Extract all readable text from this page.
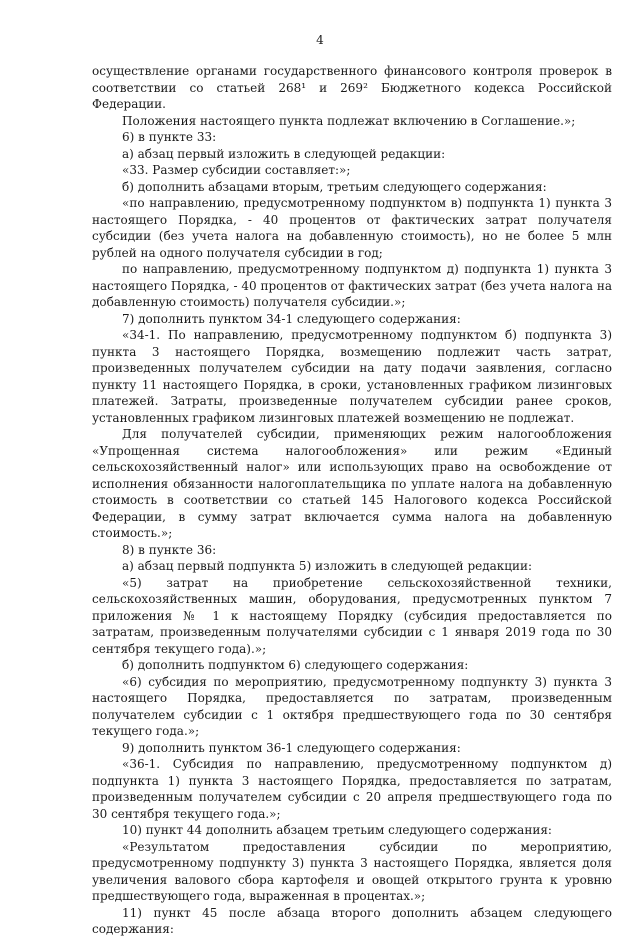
4

осуществление органами государственного финансового контроля проверок в соответствии со статьей 268¹ и 269² Бюджетного кодекса Российской Федерации.

Положения настоящего пункта подлежат включению в Соглашение.»;

6) в пункте 33:

а) абзац первый изложить в следующей редакции:

«33. Размер субсидии составляет:»;

б) дополнить абзацами вторым, третьим следующего содержания:

«по направлению, предусмотренному подпунктом в) подпункта 1) пункта 3 настоящего Порядка, - 40 процентов от фактических затрат получателя субсидии (без учета налога на добавленную стоимость), но не более 5 млн рублей на одного получателя субсидии в год;

по направлению, предусмотренному подпунктом д) подпункта 1) пункта 3 настоящего Порядка, - 40 процентов от фактических затрат (без учета налога на добавленную стоимость) получателя субсидии.»;

7) дополнить пунктом 34-1 следующего содержания:

«34-1. По направлению, предусмотренному подпунктом б) подпункта 3) пункта 3 настоящего Порядка, возмещению подлежит часть затрат, произведенных получателем субсидии на дату подачи заявления, согласно пункту 11 настоящего Порядка, в сроки, установленных графиком лизинговых платежей. Затраты, произведенные получателем субсидии ранее сроков, установленных графиком лизинговых платежей возмещению не подлежат.

Для получателей субсидии, применяющих режим налогообложения «Упрощенная система налогообложения» или режим «Единый сельскохозяйственный налог» или использующих право на освобождение от исполнения обязанности налогоплательщика по уплате налога на добавленную стоимость в соответствии со статьей 145 Налогового кодекса Российской Федерации, в сумму затрат включается сумма налога на добавленную стоимость.»;

8) в пункте 36:

а) абзац первый подпункта 5) изложить в следующей редакции:

«5) затрат на приобретение сельскохозяйственной техники, сельскохозяйственных машин, оборудования, предусмотренных пунктом 7 приложения № 1 к настоящему Порядку (субсидия предоставляется по затратам, произведенным получателями субсидии с 1 января 2019 года по 30 сентября текущего года).»;

б) дополнить подпунктом 6) следующего содержания:

«6) субсидия по мероприятию, предусмотренному подпункту 3) пункта 3 настоящего Порядка, предоставляется по затратам, произведенным получателем субсидии с 1 октября предшествующего года по 30 сентября текущего года.»;

9) дополнить пунктом 36-1 следующего содержания:

«36-1. Субсидия по направлению, предусмотренному подпунктом д) подпункта 1) пункта 3 настоящего Порядка, предоставляется по затратам, произведенным получателем субсидии с 20 апреля предшествующего года по 30 сентября текущего года.»;

10) пункт 44 дополнить абзацем третьим следующего содержания:

«Результатом предоставления субсидии по мероприятию, предусмотренному подпункту 3) пункта 3 настоящего Порядка, является доля увеличения валового сбора картофеля и овощей открытого грунта к уровню предшествующего года, выраженная в процентах.»;

11) пункт 45 после абзаца второго дополнить абзацем следующего содержания:
